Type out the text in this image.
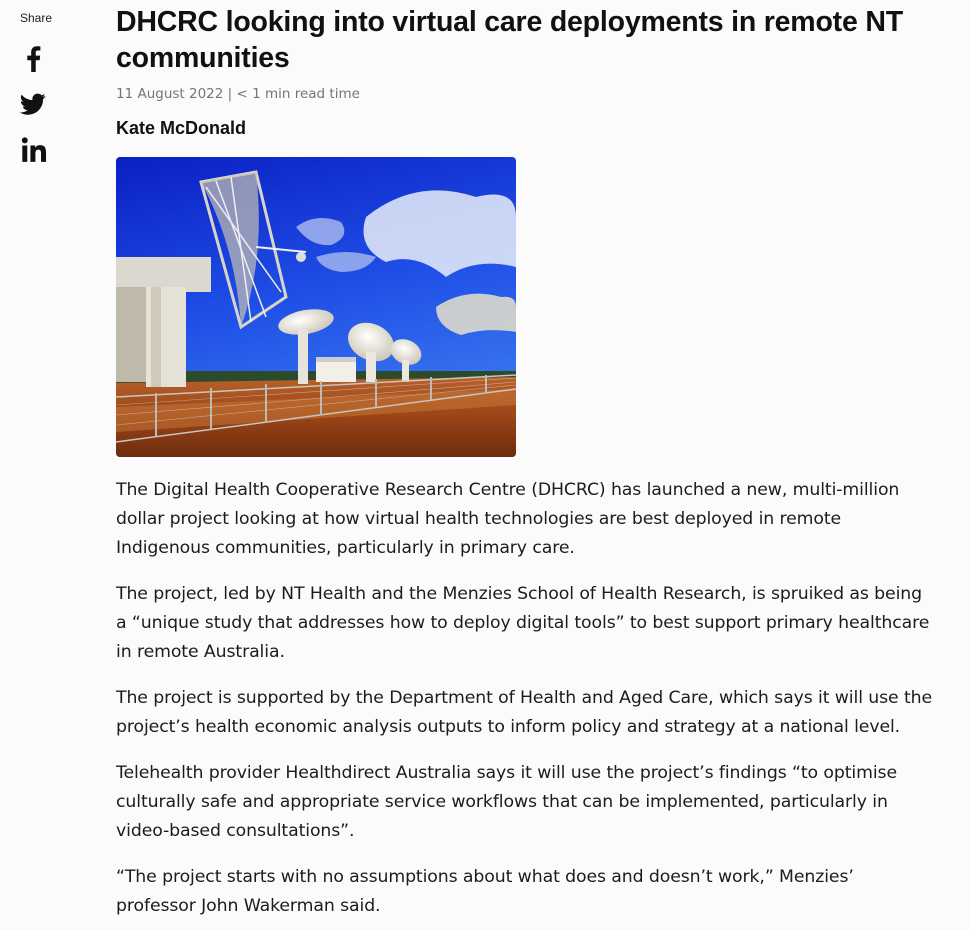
Share DHCRC looking into virtual care deployments in remote NT communities
11 August 2022 | < 1 min read time
Kate McDonald

The Digital Health Cooperative Research Centre (DHCRC) has launched a new, multi-million dollar project looking at how virtual health technologies are best deployed in remote Indigenous communities, particularly in primary care.

The project, led by NT Health and the Menzies School of Health Research, is spruiked as being a “unique study that addresses how to deploy digital tools” to best support primary healthcare in remote Australia.

The project is supported by the Department of Health and Aged Care, which says it will use the project’s health economic analysis outputs to inform policy and strategy at a national level.

Telehealth provider Healthdirect Australia says it will use the project’s findings “to optimise culturally safe and appropriate service workflows that can be implemented, particularly in video-based consultations”.

“The project starts with no assumptions about what does and doesn’t work,” Menzies’ professor John Wakerman said.
